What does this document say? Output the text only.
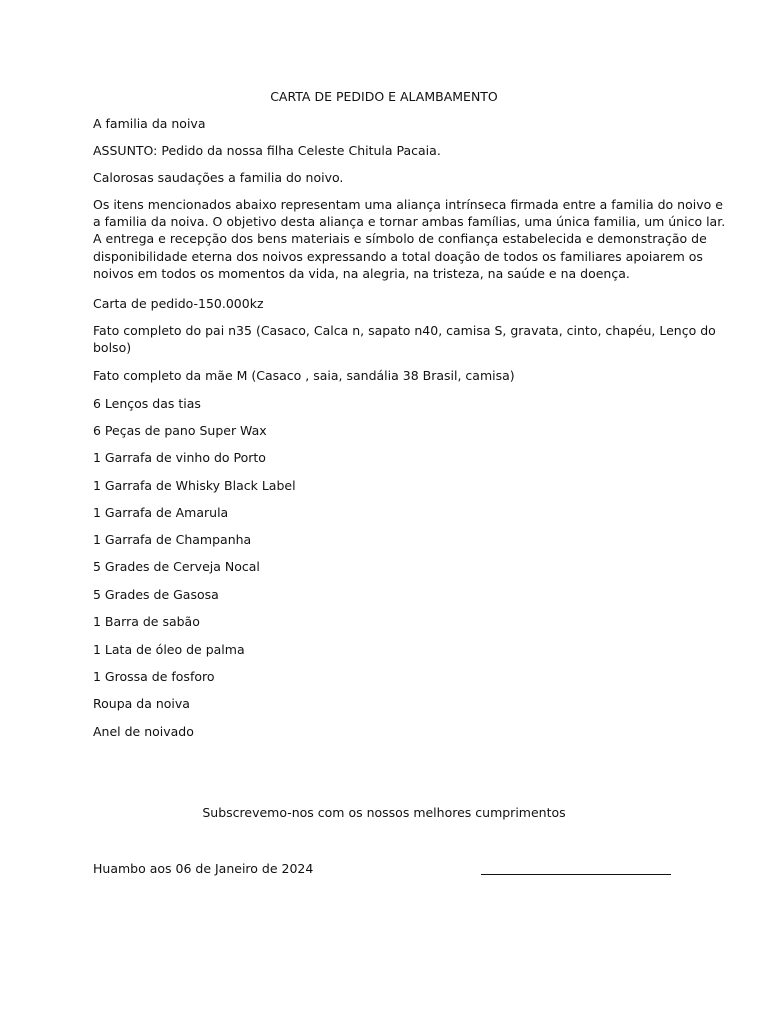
CARTA DE PEDIDO E ALAMBAMENTO
A familia da noiva
ASSUNTO: Pedido da nossa filha Celeste Chitula Pacaia.
Calorosas saudações a familia do noivo.
Os itens mencionados abaixo representam uma aliança intrínseca firmada entre a familia do noivo e
a familia da noiva. O objetivo desta aliança e tornar ambas famílias, uma única familia, um único lar.
A entrega e recepção dos bens materiais e símbolo de confiança estabelecida e demonstração de
disponibilidade eterna dos noivos expressando a total doação de todos os familiares apoiarem os
noivos em todos os momentos da vida, na alegria, na tristeza, na saúde e na doença.
Carta de pedido-150.000kz
Fato completo do pai n35 (Casaco, Calca n, sapato n40, camisa S, gravata, cinto, chapéu, Lenço do
bolso)
Fato completo da mãe M (Casaco , saia, sandália 38 Brasil, camisa)
6 Lenços das tias
6 Peças de pano Super Wax
1 Garrafa de vinho do Porto
1 Garrafa de Whisky Black Label
1 Garrafa de Amarula
1 Garrafa de Champanha
5 Grades de Cerveja Nocal
5 Grades de Gasosa
1 Barra de sabão
1 Lata de óleo de palma
1 Grossa de fosforo
Roupa da noiva
Anel de noivado
Subscrevemo-nos com os nossos melhores cumprimentos
Huambo aos 06 de Janeiro de 2024
